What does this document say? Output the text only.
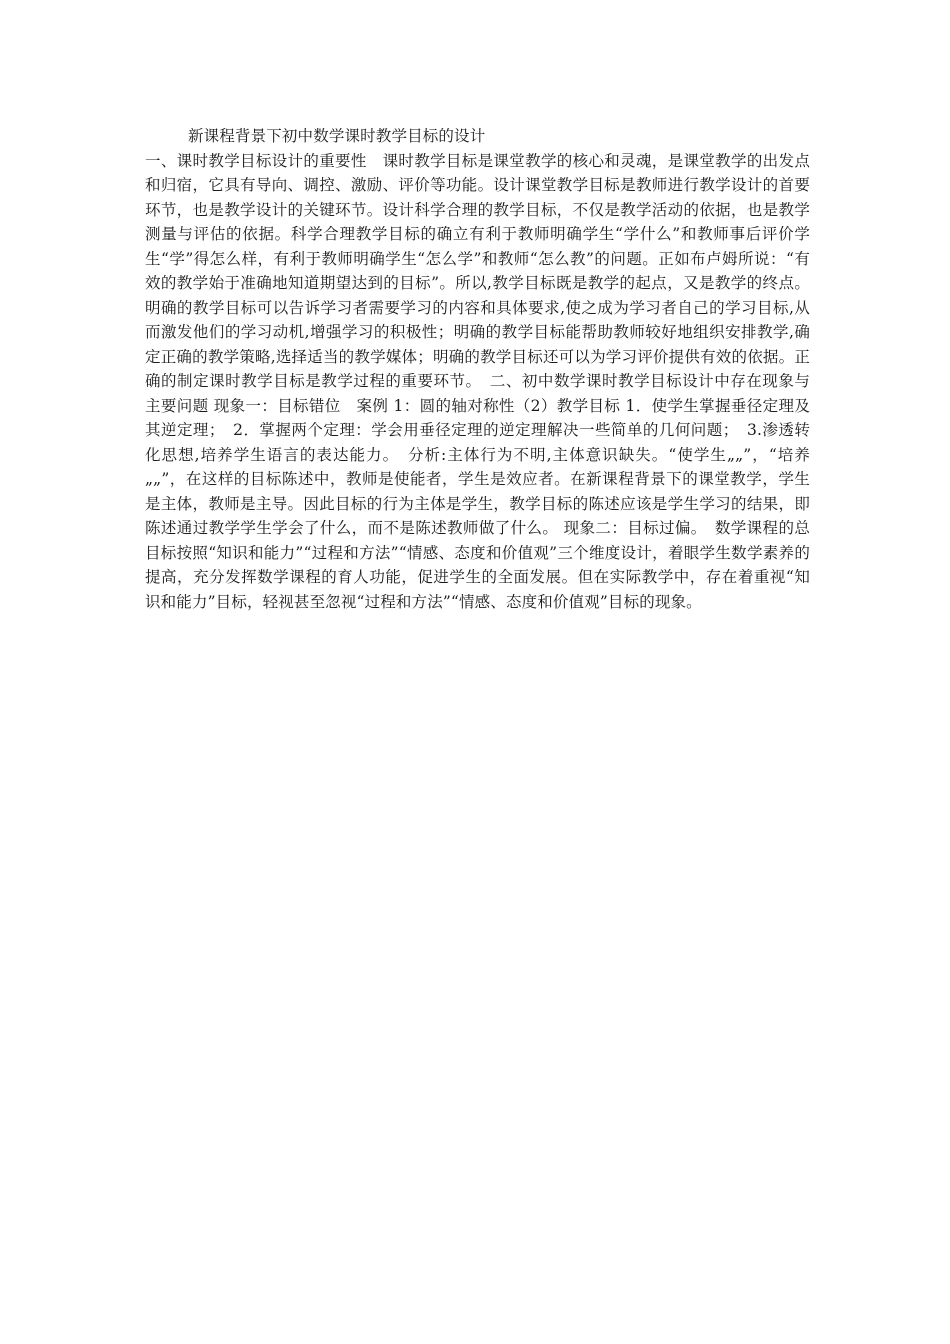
新课程背景下初中数学课时教学目标的设计

一、课时教学目标设计的重要性　课时教学目标是课堂教学的核心和灵魂，是课堂教学的出发点和归宿，它具有导向、调控、激励、评价等功能。设计课堂教学目标是教师进行教学设计的首要环节，也是教学设计的关键环节。设计科学合理的教学目标，不仅是教学活动的依据，也是教学测量与评估的依据。科学合理教学目标的确立有利于教师明确学生“学什么”和教师事后评价学生“学”得怎么样，有利于教师明确学生“怎么学”和教师“怎么教”的问题。正如布卢姆所说：“有效的教学始于准确地知道期望达到的目标”。所以,教学目标既是教学的起点，又是教学的终点。明确的教学目标可以告诉学习者需要学习的内容和具体要求,使之成为学习者自己的学习目标,从而激发他们的学习动机,增强学习的积极性；明确的教学目标能帮助教师较好地组织安排教学,确定正确的教学策略,选择适当的教学媒体；明确的教学目标还可以为学习评价提供有效的依据。正确的制定课时教学目标是教学过程的重要环节。　二、初中数学课时教学目标设计中存在现象与主要问题 现象一：目标错位　案例 1：圆的轴对称性（2）教学目标 1．使学生掌握垂径定理及其逆定理；　2．掌握两个定理：学会用垂径定理的逆定理解决一些简单的几何问题；　3.渗透转化思想,培养学生语言的表达能力。　分析:主体行为不明,主体意识缺失。“使学生„„”，“培养„„”，在这样的目标陈述中，教师是使能者，学生是效应者。在新课程背景下的课堂教学，学生是主体，教师是主导。因此目标的行为主体是学生，教学目标的陈述应该是学生学习的结果，即陈述通过教学学生学会了什么，而不是陈述教师做了什么。 现象二：目标过偏。　数学课程的总目标按照“知识和能力”“过程和方法”“情感、态度和价值观”三个维度设计，着眼学生数学素养的提高，充分发挥数学课程的育人功能，促进学生的全面发展。但在实际教学中，存在着重视“知识和能力”目标，轻视甚至忽视“过程和方法”“情感、态度和价值观”目标的现象。
